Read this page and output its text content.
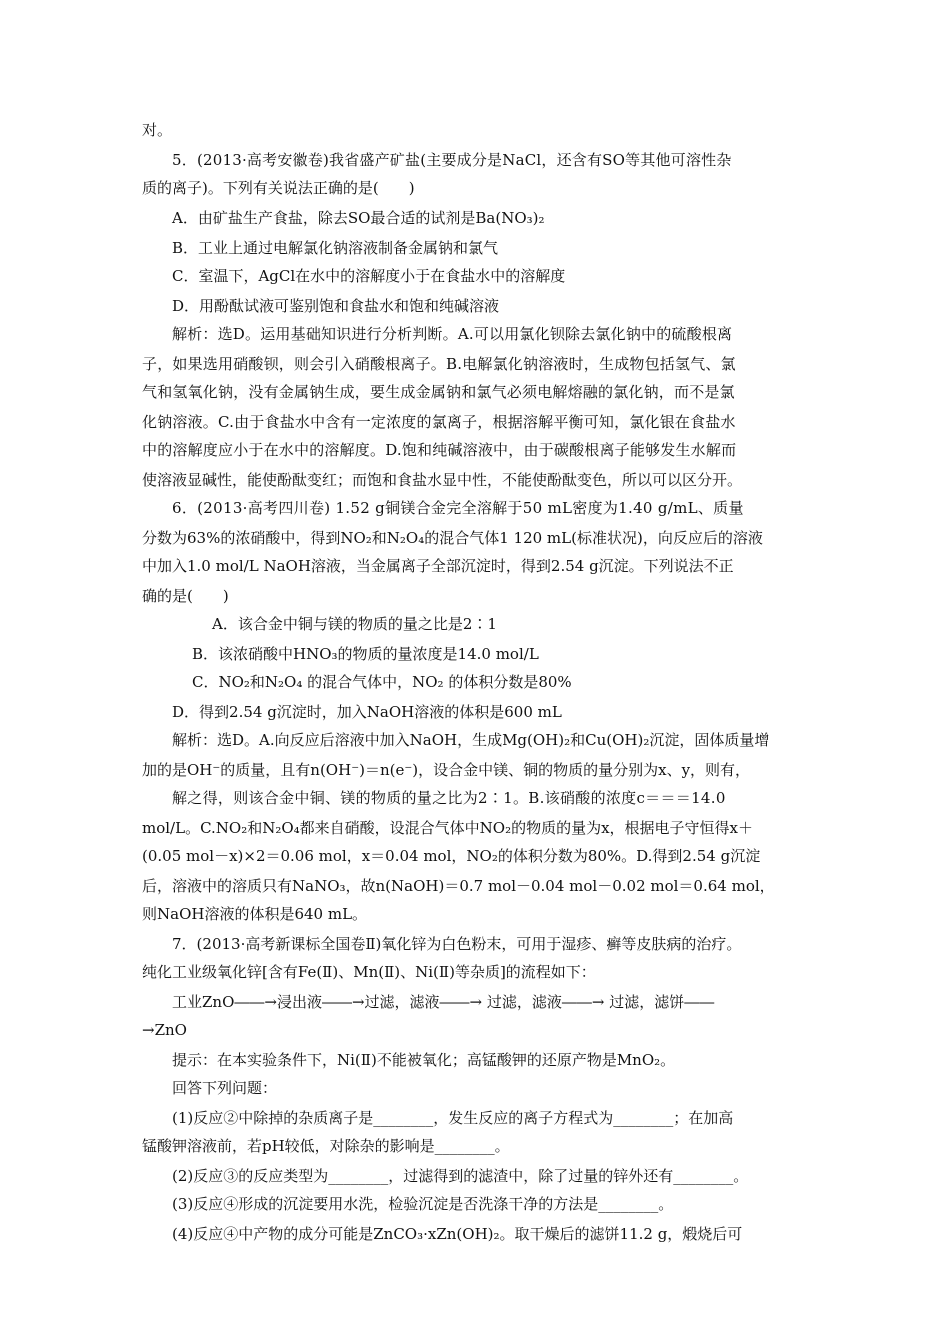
对。
5．(2013·高考安徽卷)我省盛产矿盐(主要成分是NaCl，还含有SO等其他可溶性杂
质的离子)。下列有关说法正确的是(　　)
A．由矿盐生产食盐，除去SO最合适的试剂是Ba(NO₃)₂
B．工业上通过电解氯化钠溶液制备金属钠和氯气
C．室温下，AgCl在水中的溶解度小于在食盐水中的溶解度
D．用酚酞试液可鉴别饱和食盐水和饱和纯碱溶液
解析：选D。运用基础知识进行分析判断。A.可以用氯化钡除去氯化钠中的硫酸根离
子，如果选用硝酸钡，则会引入硝酸根离子。B.电解氯化钠溶液时，生成物包括氢气、氯
气和氢氧化钠，没有金属钠生成，要生成金属钠和氯气必须电解熔融的氯化钠，而不是氯
化钠溶液。C.由于食盐水中含有一定浓度的氯离子，根据溶解平衡可知，氯化银在食盐水
中的溶解度应小于在水中的溶解度。D.饱和纯碱溶液中，由于碳酸根离子能够发生水解而
使溶液显碱性，能使酚酞变红；而饱和食盐水显中性，不能使酚酞变色，所以可以区分开。
6．(2013·高考四川卷) 1.52 g铜镁合金完全溶解于50 mL密度为1.40 g/mL、质量
分数为63%的浓硝酸中，得到NO₂和N₂O₄的混合气体1 120 mL(标准状况)，向反应后的溶液
中加入1.0 mol/L NaOH溶液，当金属离子全部沉淀时，得到2.54 g沉淀。下列说法不正
确的是(　　)
A．该合金中铜与镁的物质的量之比是2∶1
B．该浓硝酸中HNO₃的物质的量浓度是14.0 mol/L
C．NO₂和N₂O₄ 的混合气体中，NO₂ 的体积分数是80%
D．得到2.54 g沉淀时，加入NaOH溶液的体积是600 mL
解析：选D。A.向反应后溶液中加入NaOH，生成Mg(OH)₂和Cu(OH)₂沉淀，固体质量增
加的是OH⁻的质量，且有n(OH⁻)＝n(e⁻)，设合金中镁、铜的物质的量分别为x、y，则有，
解之得，则该合金中铜、镁的物质的量之比为2∶1。B.该硝酸的浓度c＝＝＝14.0
mol/L。C.NO₂和N₂O₄都来自硝酸，设混合气体中NO₂的物质的量为x，根据电子守恒得x＋
(0.05 mol－x)×2＝0.06 mol，x＝0.04 mol，NO₂的体积分数为80%。D.得到2.54 g沉淀
后，溶液中的溶质只有NaNO₃，故n(NaOH)＝0.7 mol－0.04 mol－0.02 mol＝0.64 mol，
则NaOH溶液的体积是640 mL。
7．(2013·高考新课标全国卷Ⅱ)氧化锌为白色粉末，可用于湿疹、癣等皮肤病的治疗。
纯化工业级氧化锌[含有Fe(Ⅱ)、Mn(Ⅱ)、Ni(Ⅱ)等杂质]的流程如下：
工业ZnO――→浸出液――→过滤，滤液――→ 过滤，滤液――→ 过滤，滤饼――
→ZnO
提示：在本实验条件下，Ni(Ⅱ)不能被氧化；高锰酸钾的还原产物是MnO₂。
回答下列问题：
(1)反应②中除掉的杂质离子是________，发生反应的离子方程式为________；在加高
锰酸钾溶液前，若pH较低，对除杂的影响是________。
(2)反应③的反应类型为________，过滤得到的滤渣中，除了过量的锌外还有________。
(3)反应④形成的沉淀要用水洗，检验沉淀是否洗涤干净的方法是________。
(4)反应④中产物的成分可能是ZnCO₃·xZn(OH)₂。取干燥后的滤饼11.2 g，煅烧后可
